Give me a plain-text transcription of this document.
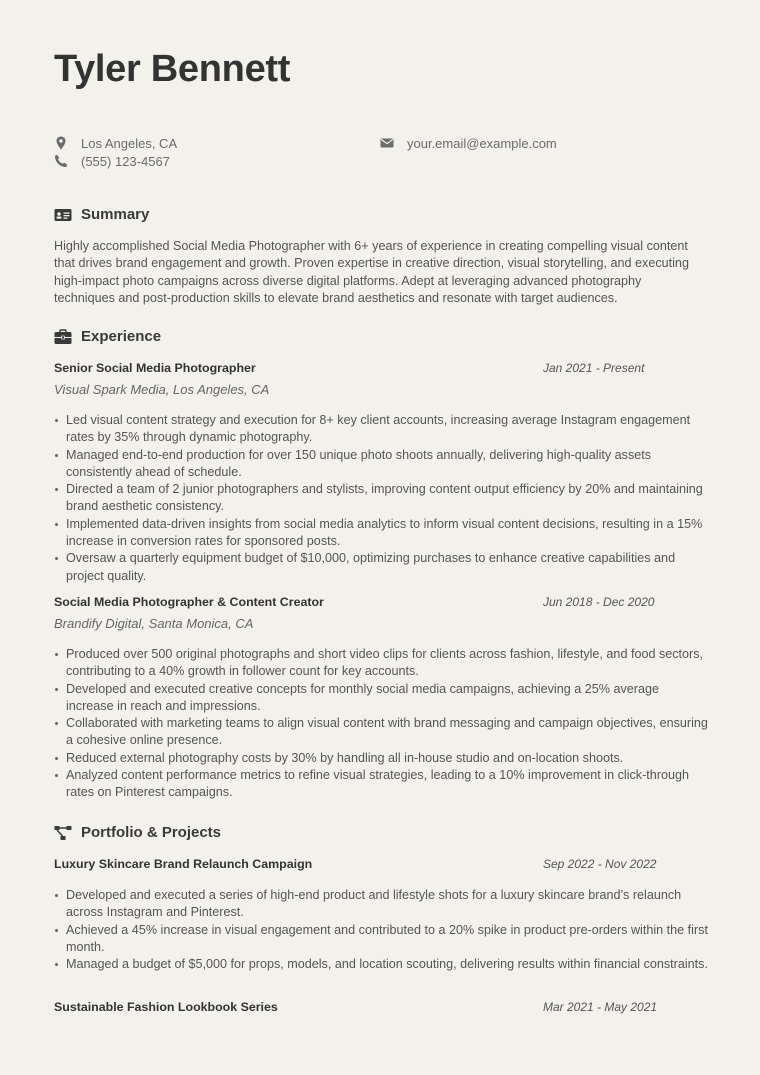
Tyler Bennett
Los Angeles, CA	your.email@example.com
(555) 123-4567
Summary

Highly accomplished Social Media Photographer with 6+ years of experience in creating compelling visual content that drives brand engagement and growth. Proven expertise in creative direction, visual storytelling, and executing high-impact photo campaigns across diverse digital platforms. Adept at leveraging advanced photography techniques and post-production skills to elevate brand aesthetics and resonate with target audiences.

Experience
Senior Social Media Photographer	Jan 2021 - Present
Visual Spark Media, Los Angeles, CA
Led visual content strategy and execution for 8+ key client accounts, increasing average Instagram engagement rates by 35% through dynamic photography.
Managed end-to-end production for over 150 unique photo shoots annually, delivering high-quality assets consistently ahead of schedule.
Directed a team of 2 junior photographers and stylists, improving content output efficiency by 20% and maintaining brand aesthetic consistency.
Implemented data-driven insights from social media analytics to inform visual content decisions, resulting in a 15% increase in conversion rates for sponsored posts.
Oversaw a quarterly equipment budget of $10,000, optimizing purchases to enhance creative capabilities and project quality.
Social Media Photographer & Content Creator	Jun 2018 - Dec 2020
Brandify Digital, Santa Monica, CA
Produced over 500 original photographs and short video clips for clients across fashion, lifestyle, and food sectors, contributing to a 40% growth in follower count for key accounts.
Developed and executed creative concepts for monthly social media campaigns, achieving a 25% average increase in reach and impressions.
Collaborated with marketing teams to align visual content with brand messaging and campaign objectives, ensuring a cohesive online presence.
Reduced external photography costs by 30% by handling all in-house studio and on-location shoots.
Analyzed content performance metrics to refine visual strategies, leading to a 10% improvement in click-through rates on Pinterest campaigns.
Portfolio & Projects
Luxury Skincare Brand Relaunch Campaign	Sep 2022 - Nov 2022
Developed and executed a series of high-end product and lifestyle shots for a luxury skincare brand’s relaunch across Instagram and Pinterest.
Achieved a 45% increase in visual engagement and contributed to a 20% spike in product pre-orders within the first month.
Managed a budget of $5,000 for props, models, and location scouting, delivering results within financial constraints.
Sustainable Fashion Lookbook Series	Mar 2021 - May 2021
